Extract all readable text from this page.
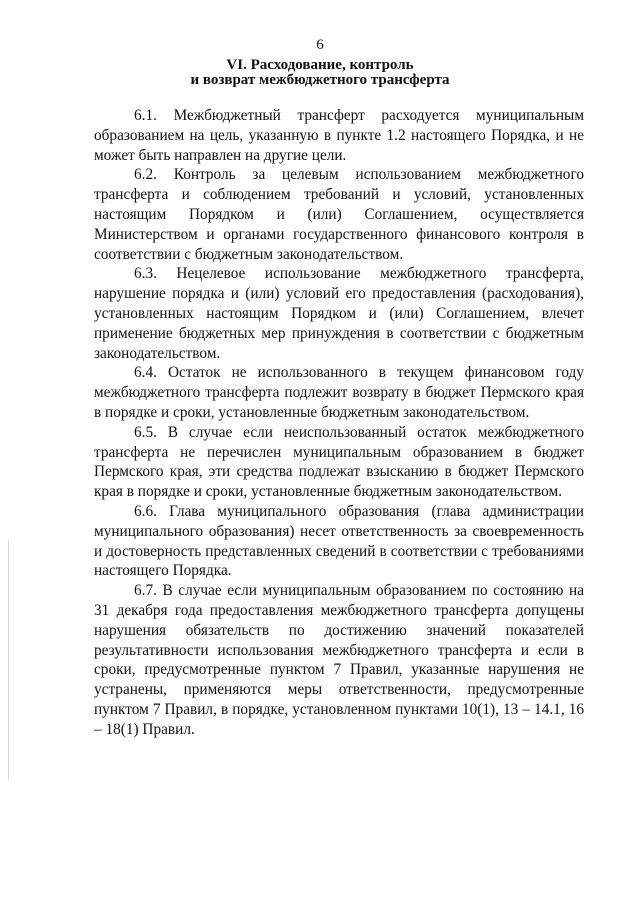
6
VI. Расходование, контроль
и возврат межбюджетного трансферта

6.1. Межбюджетный трансферт расходуется муниципальным образованием на цель, указанную в пункте 1.2 настоящего Порядка, и не может быть направлен на другие цели.

6.2. Контроль за целевым использованием межбюджетного трансферта и соблюдением требований и условий, установленных настоящим Порядком и (или) Соглашением, осуществляется Министерством и органами государственного финансового контроля в соответствии с бюджетным законодательством.

6.3. Нецелевое использование межбюджетного трансферта, нарушение порядка и (или) условий его предоставления (расходования), установленных настоящим Порядком и (или) Соглашением, влечет применение бюджетных мер принуждения в соответствии с бюджетным законодательством.

6.4. Остаток не использованного в текущем финансовом году межбюджетного трансферта подлежит возврату в бюджет Пермского края в порядке и сроки, установленные бюджетным законодательством.

6.5. В случае если неиспользованный остаток межбюджетного трансферта не перечислен муниципальным образованием в бюджет Пермского края, эти средства подлежат взысканию в бюджет Пермского края в порядке и сроки, установленные бюджетным законодательством.

6.6. Глава муниципального образования (глава администрации муниципального образования) несет ответственность за своевременность и достоверность представленных сведений в соответствии с требованиями настоящего Порядка.

6.7. В случае если муниципальным образованием по состоянию на 31 декабря года предоставления межбюджетного трансферта допущены нарушения обязательств по достижению значений показателей результативности использования межбюджетного трансферта и если в сроки, предусмотренные пунктом 7 Правил, указанные нарушения не устранены, применяются меры ответственности, предусмотренные пунктом 7 Правил, в порядке, установленном пунктами 10(1), 13 – 14.1, 16 – 18(1) Правил.
